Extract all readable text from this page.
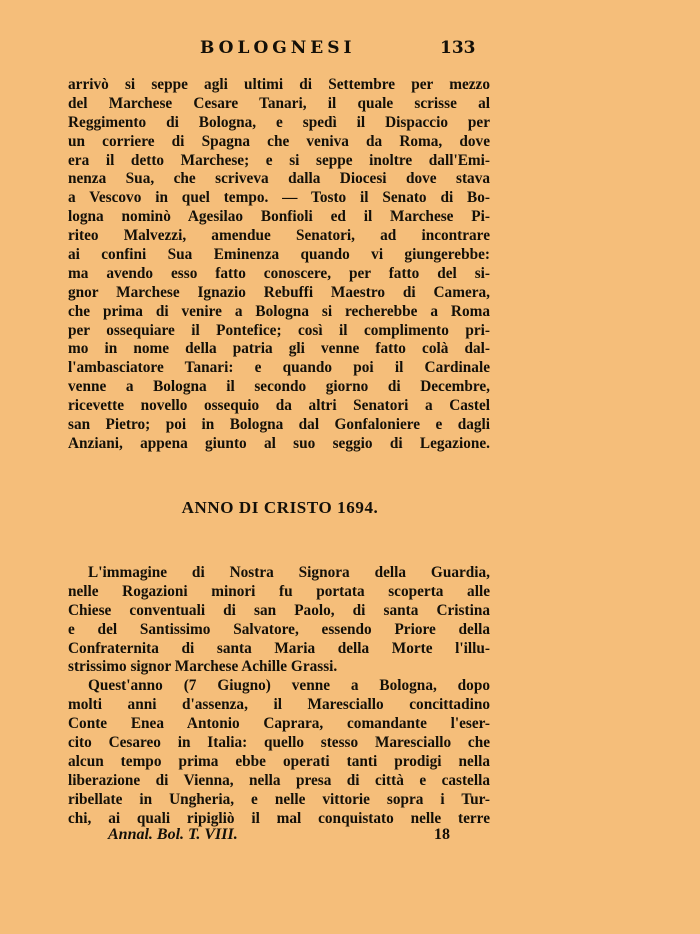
BOLOGNESI	133
arrivò si seppe agli ultimi di Settembre per mezzo
del Marchese Cesare Tanari, il quale scrisse al
Reggimento di Bologna, e spedì il Dispaccio per
un corriere di Spagna che veniva da Roma, dove
era il detto Marchese; e si seppe inoltre dall'Emi-
nenza Sua, che scriveva dalla Diocesi dove stava
a Vescovo in quel tempo. — Tosto il Senato di Bo-
logna nominò Agesilao Bonfioli ed il Marchese Pi-
riteo Malvezzi, amendue Senatori, ad incontrare
ai confini Sua Eminenza quando vi giungerebbe:
ma avendo esso fatto conoscere, per fatto del si-
gnor Marchese Ignazio Rebuffi Maestro di Camera,
che prima di venire a Bologna si recherebbe a Roma
per ossequiare il Pontefice; così il complimento pri-
mo in nome della patria gli venne fatto colà dal-
l'ambasciatore Tanari: e quando poi il Cardinale
venne a Bologna il secondo giorno di Decembre,
ricevette novello ossequio da altri Senatori a Castel
san Pietro; poi in Bologna dal Gonfaloniere e dagli
Anziani, appena giunto al suo seggio di Legazione.
ANNO DI CRISTO 1694.
L'immagine di Nostra Signora della Guardia,
nelle Rogazioni minori fu portata scoperta alle
Chiese conventuali di san Paolo, di santa Cristina
e del Santissimo Salvatore, essendo Priore della
Confraternita di santa Maria della Morte l'illu-
strissimo signor Marchese Achille Grassi.
Quest'anno (7 Giugno) venne a Bologna, dopo
molti anni d'assenza, il Maresciallo concittadino
Conte Enea Antonio Caprara, comandante l'eser-
cito Cesareo in Italia: quello stesso Maresciallo che
alcun tempo prima ebbe operati tanti prodigi nella
liberazione di Vienna, nella presa di città e castella
ribellate in Ungheria, e nelle vittorie sopra i Tur-
chi, ai quali ripigliò il mal conquistato nelle terre
Annal. Bol. T. VIII.	18
